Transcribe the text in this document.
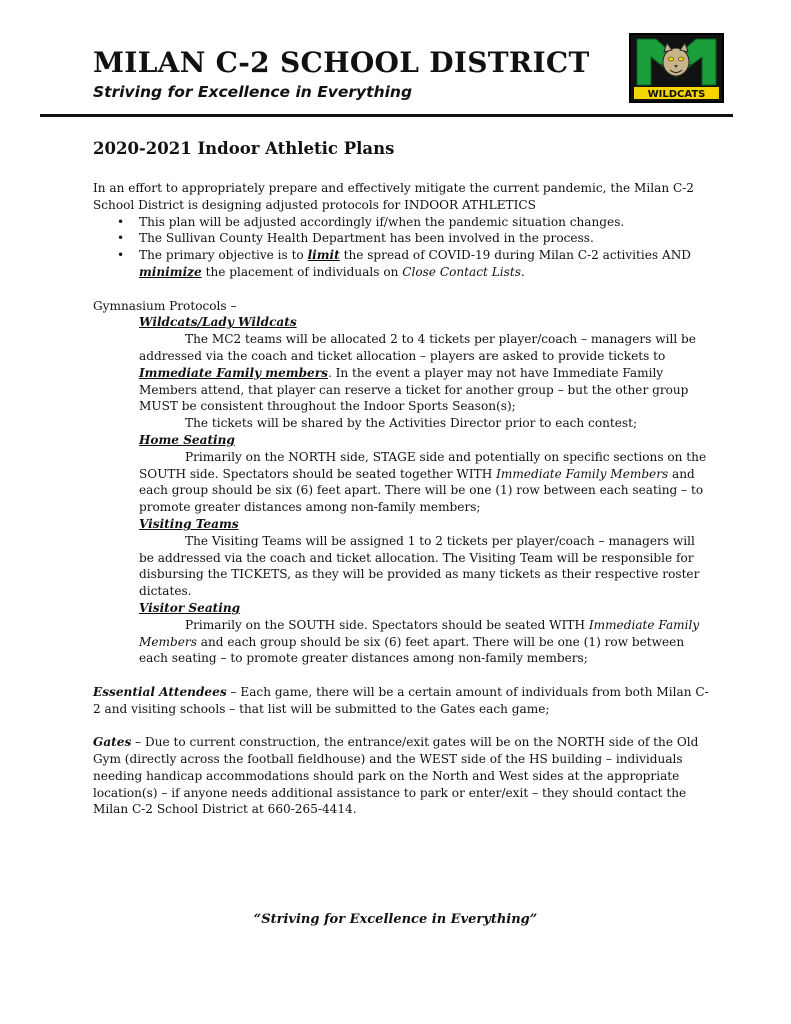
MILAN C-2 SCHOOL DISTRICT

Striving for Excellence in Everything	WILDCATS
2020-2021 Indoor Athletic Plans

In an effort to appropriately prepare and effectively mitigate the current pandemic, the Milan C-2 School District is designing adjusted protocols for INDOOR ATHLETICS

• This plan will be adjusted accordingly if/when the pandemic situation changes.
• The Sullivan County Health Department has been involved in the process.
• The primary objective is to limit the spread of COVID-19 during Milan C-2 activities AND minimize the placement of individuals on Close Contact Lists.

Gymnasium Protocols –

Wildcats/Lady Wildcats

The MC2 teams will be allocated 2 to 4 tickets per player/coach – managers will be addressed via the coach and ticket allocation – players are asked to provide tickets to Immediate Family members. In the event a player may not have Immediate Family Members attend, that player can reserve a ticket for another group – but the other group MUST be consistent throughout the Indoor Sports Season(s);

The tickets will be shared by the Activities Director prior to each contest;

Home Seating

Primarily on the NORTH side, STAGE side and potentially on specific sections on the SOUTH side. Spectators should be seated together WITH Immediate Family Members and each group should be six (6) feet apart. There will be one (1) row between each seating – to promote greater distances among non-family members;

Visiting Teams

The Visiting Teams will be assigned 1 to 2 tickets per player/coach – managers will be addressed via the coach and ticket allocation. The Visiting Team will be responsible for disbursing the TICKETS, as they will be provided as many tickets as their respective roster dictates.

Visitor Seating

Primarily on the SOUTH side. Spectators should be seated WITH Immediate Family Members and each group should be six (6) feet apart. There will be one (1) row between each seating – to promote greater distances among non-family members;

Essential Attendees – Each game, there will be a certain amount of individuals from both Milan C-2 and visiting schools – that list will be submitted to the Gates each game;

Gates – Due to current construction, the entrance/exit gates will be on the NORTH side of the Old Gym (directly across the football fieldhouse) and the WEST side of the HS building – individuals needing handicap accommodations should park on the North and West sides at the appropriate location(s) – if anyone needs additional assistance to park or enter/exit – they should contact the Milan C-2 School District at 660-265-4414.

“Striving for Excellence in Everything”
